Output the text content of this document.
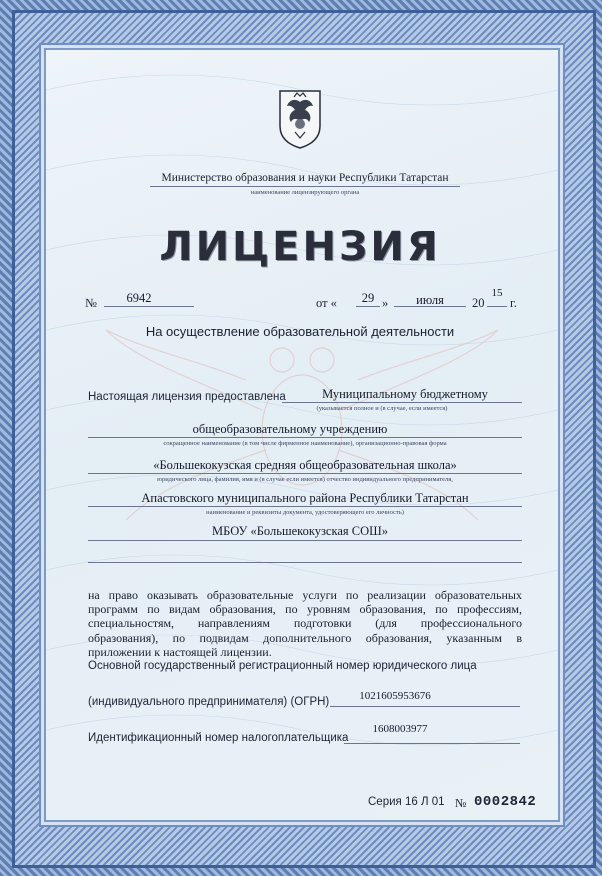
Министерство образования и науки Республики Татарстан
наименование лицензирующего органа
ЛИЦЕНЗИЯ
№	6942	от «	29 »	июля	20
15
г.
На осуществление образовательной деятельности
Настоящая лицензия предоставлена	Муниципальному бюджетному
(указывается полное и (в случае, если имеется)
общеобразовательному учреждению
сокращенное наименование (в том числе фирменное наименование), организационно-правовая форма
«Большекокузская средняя общеобразовательная школа»
юридического лица, фамилия, имя и (в случае если имеется) отчество индивидуального предпринимателя,
Апастовского муниципального района Республики Татарстан
наименование и реквизиты документа, удостоверяющего его личность)
МБОУ «Большекокузская СОШ»
на право оказывать образовательные услуги по реализации образовательных
программ по видам образования, по уровням образования, по профессиям,
специальностям, направлениям подготовки (для профессионального
образования), по подвидам дополнительного образования, указанным в
приложении к настоящей лицензии.
Основной государственный регистрационный номер юридического лица
(индивидуального предпринимателя) (ОГРН)	1021605953676
Идентификационный номер налогоплательщика
1608003977
Серия 16 Л 01 № 0002842
